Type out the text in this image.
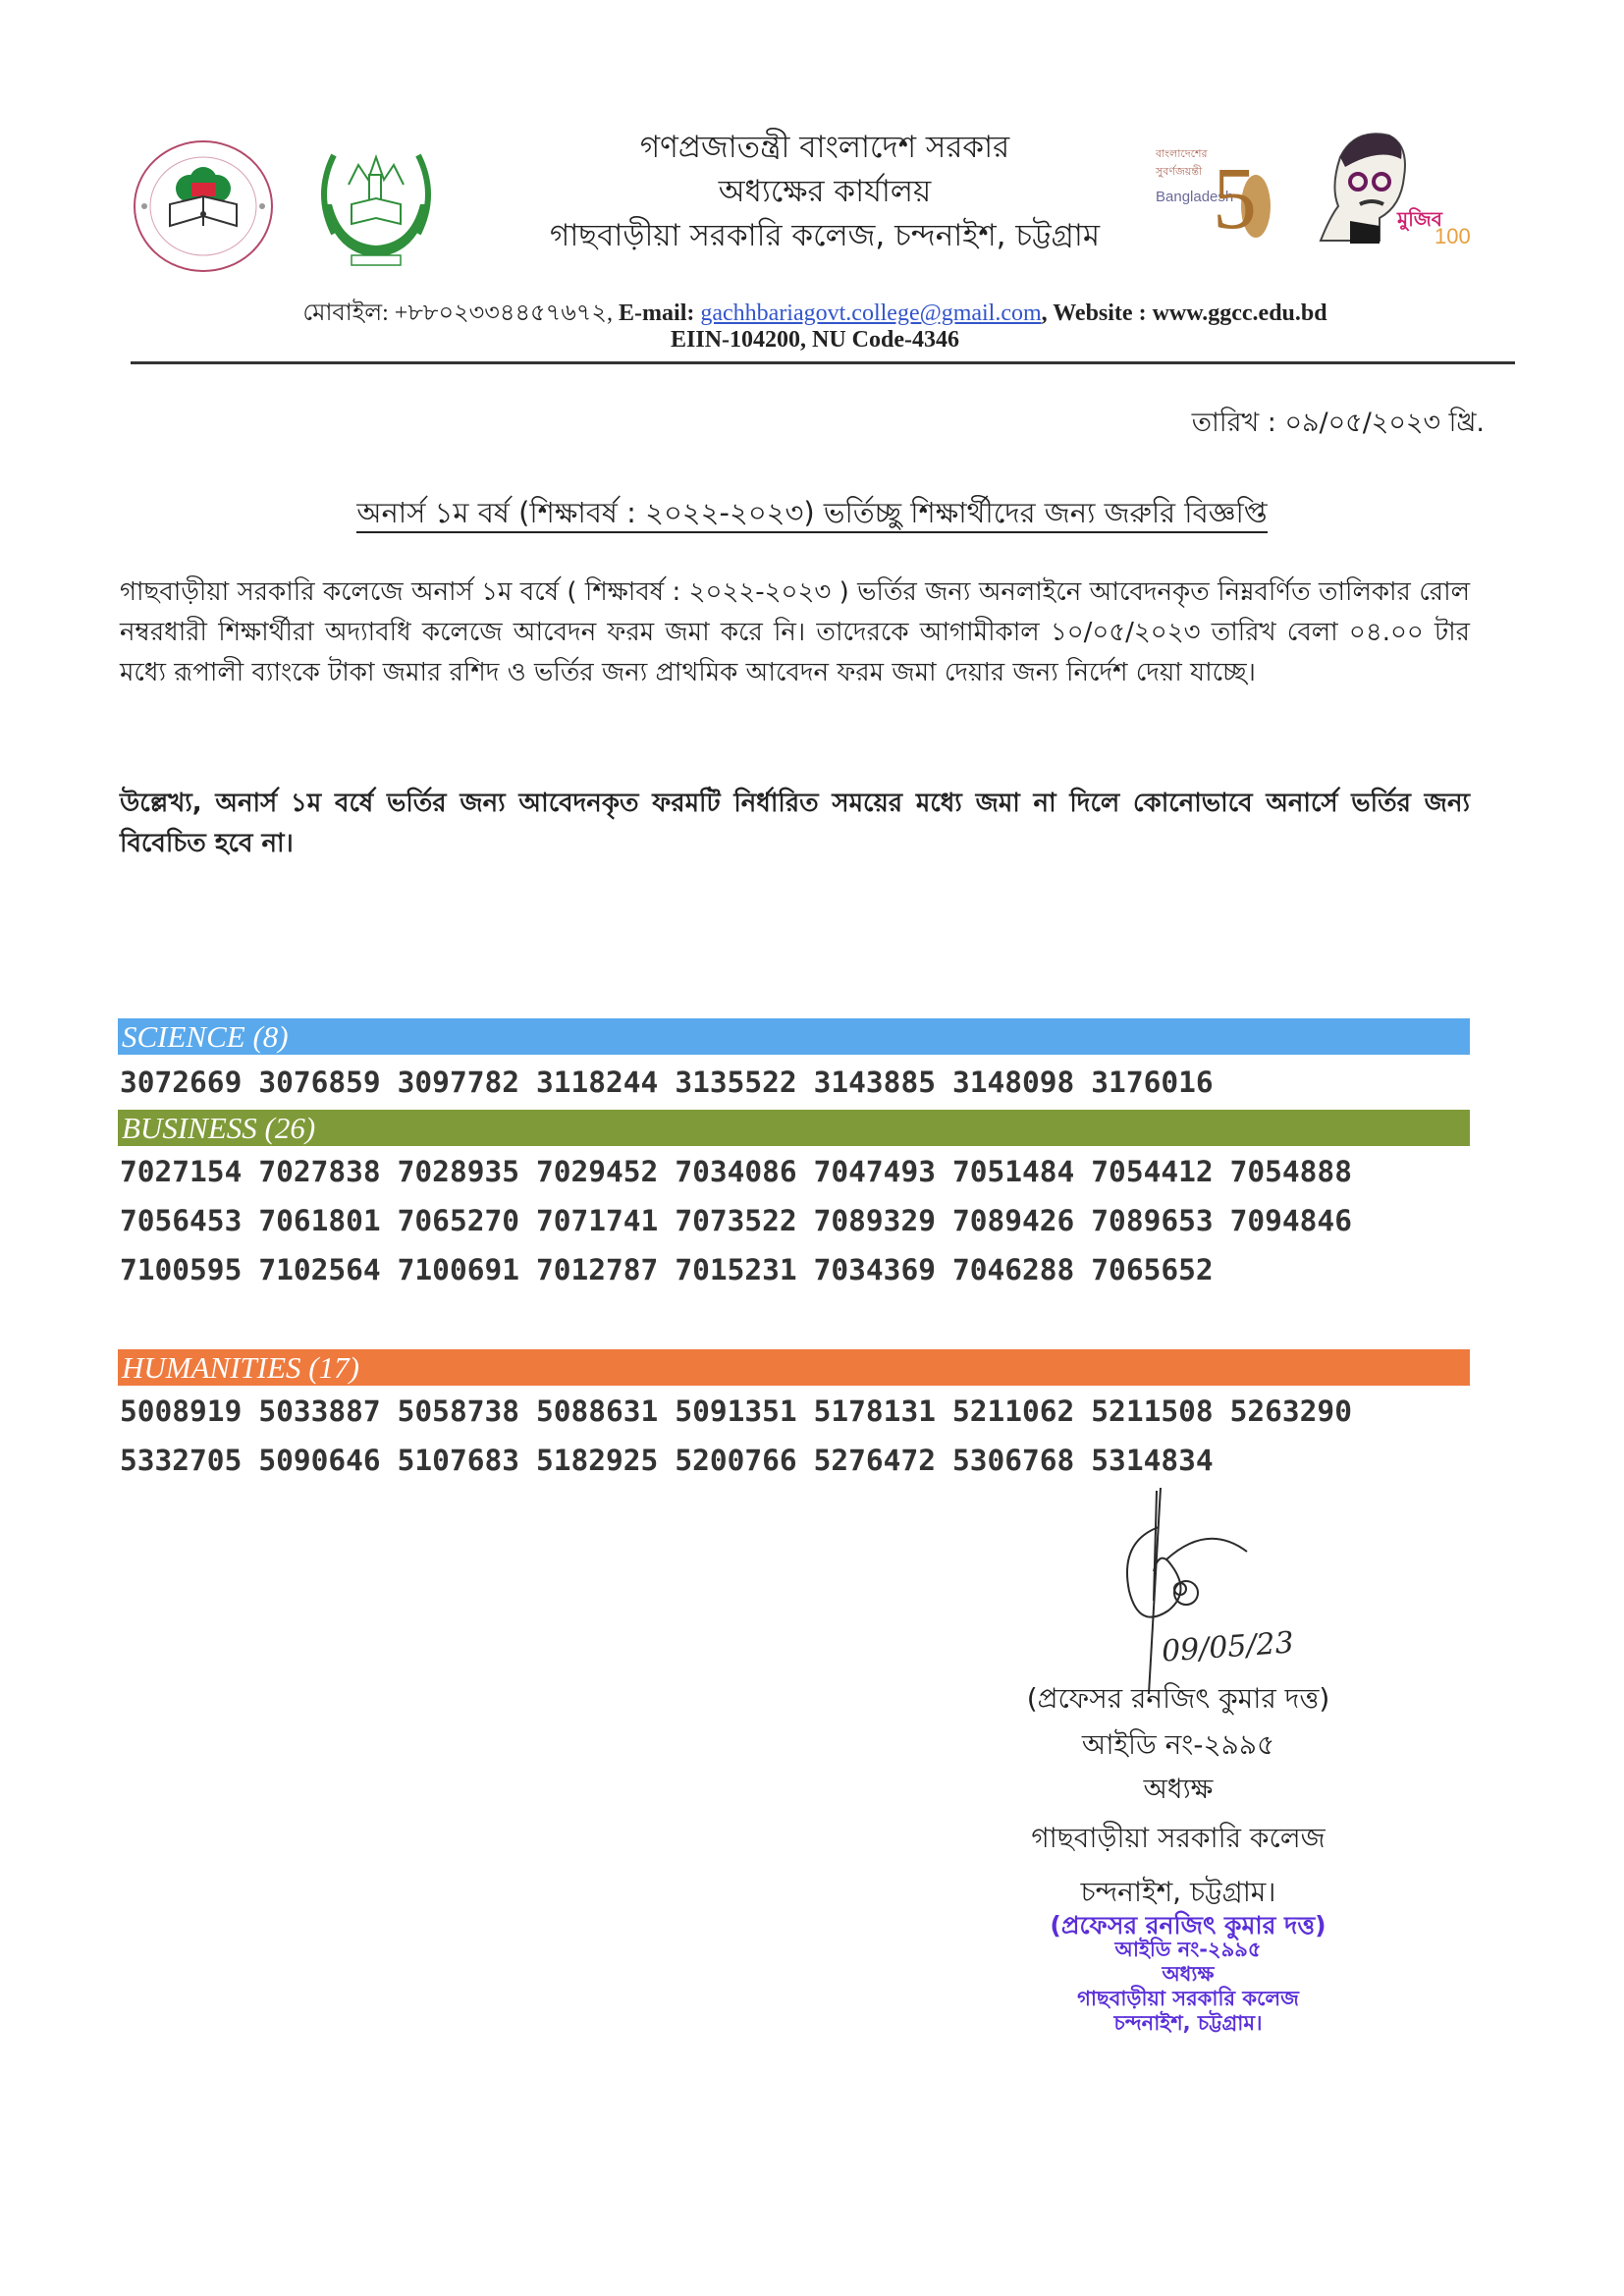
বাংলাদেশের
সুবর্ণজয়ন্তী
Bangladesh
5	মুজিব
100
গণপ্রজাতন্ত্রী বাংলাদেশ সরকার
অধ্যক্ষের কার্যালয়
গাছবাড়ীয়া সরকারি কলেজ, চন্দনাইশ, চট্টগ্রাম
মোবাইল: +৮৮০২৩৩৪৪৫৭৬৭২, E-mail: gachhbariagovt.college@gmail.com, Website : www.ggcc.edu.bd
EIIN-104200, NU Code-4346
তারিখ : ০৯/০৫/২০২৩ খ্রি.
অনার্স ১ম বর্ষ (শিক্ষাবর্ষ : ২০২২-২০২৩) ভর্তিচ্ছু শিক্ষার্থীদের জন্য জরুরি বিজ্ঞপ্তি
গাছবাড়ীয়া সরকারি কলেজে অনার্স ১ম বর্ষে ( শিক্ষাবর্ষ : ২০২২-২০২৩ ) ভর্তির জন্য অনলাইনে আবেদনকৃত নিম্নবর্ণিত তালিকার রোল নম্বরধারী শিক্ষার্থীরা অদ্যাবধি কলেজে আবেদন ফরম জমা করে নি। তাদেরকে আগামীকাল ১০/০৫/২০২৩ তারিখ বেলা ০৪.০০ টার মধ্যে রূপালী ব্যাংকে টাকা জমার রশিদ ও ভর্তির জন্য প্রাথমিক আবেদন ফরম জমা দেয়ার জন্য নির্দেশ দেয়া যাচ্ছে।
উল্লেখ্য, অনার্স ১ম বর্ষে ভর্তির জন্য আবেদনকৃত ফরমটি নির্ধারিত সময়ের মধ্যে জমা না দিলে কোনোভাবে অনার্সে ভর্তির জন্য বিবেচিত হবে না।
SCIENCE (8)
3072669 3076859 3097782 3118244 3135522 3143885 3148098 3176016
BUSINESS (26)
7027154 7027838 7028935 7029452 7034086 7047493 7051484 7054412 70548887056453 7061801 7065270 7071741 7073522 7089329 7089426 7089653 70948467100595 7102564 7100691 7012787 7015231 7034369 7046288 7065652
HUMANITIES (17)
5008919 5033887 5058738 5088631 5091351 5178131 5211062 5211508 52632905332705 5090646 5107683 5182925 5200766 5276472 5306768 5314834
09/05/23
(প্রফেসর রনজিৎ কুমার দত্ত)
আইডি নং-২৯৯৫
অধ্যক্ষ
গাছবাড়ীয়া সরকারি কলেজ
চন্দনাইশ, চট্টগ্রাম।
(প্রফেসর রনজিৎ কুমার দত্ত)
আইডি নং-২৯৯৫
অধ্যক্ষ
গাছবাড়ীয়া সরকারি কলেজ
চন্দনাইশ, চট্টগ্রাম।
